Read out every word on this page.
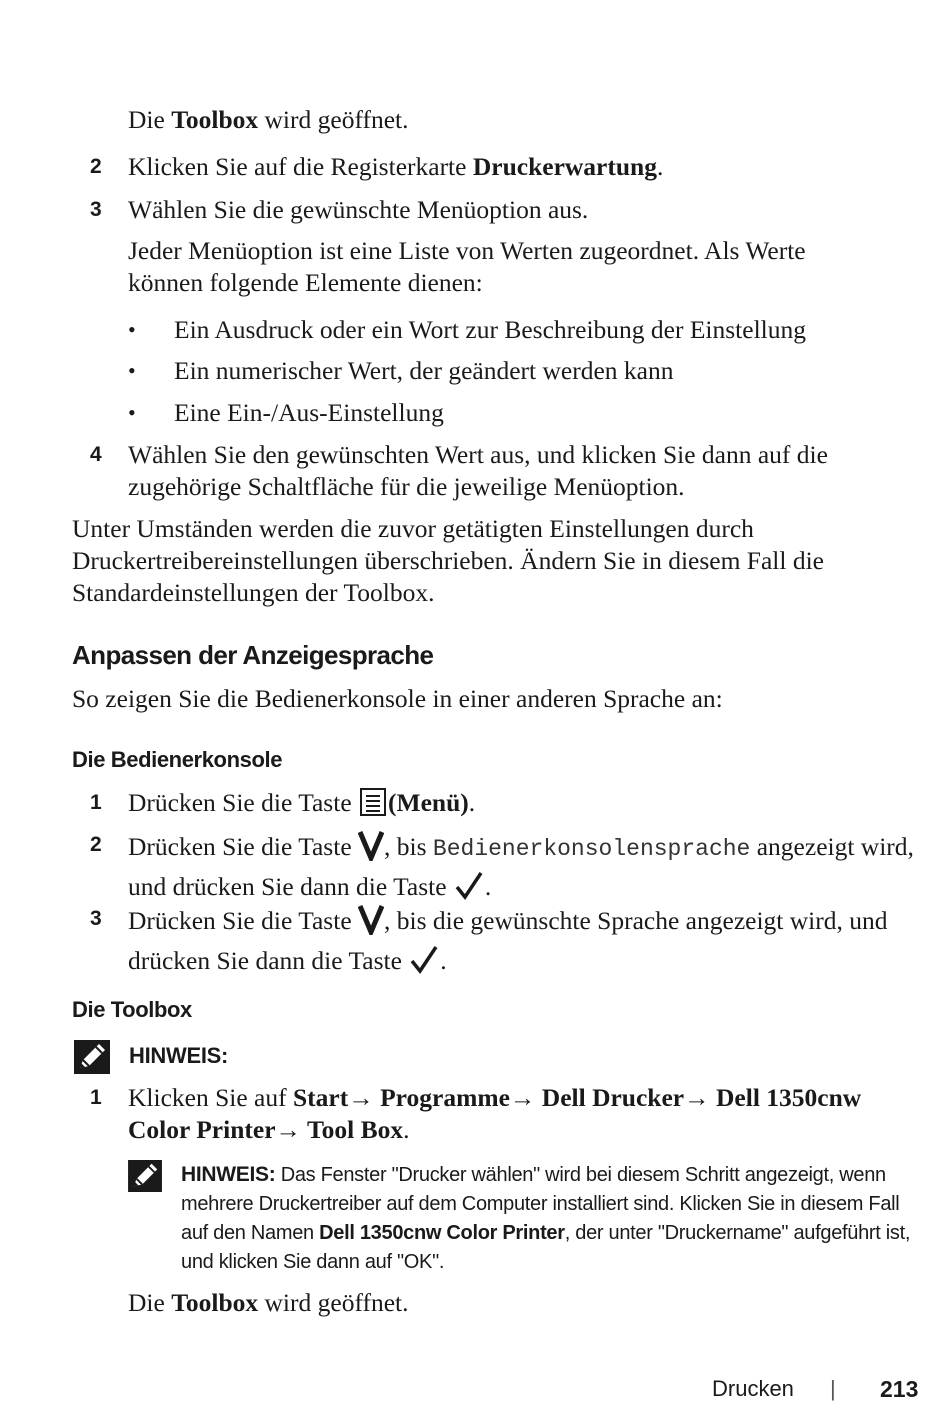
Die Toolbox wird geöffnet.
2 Klicken Sie auf die Registerkarte Druckerwartung.
3 Wählen Sie die gewünschte Menüoption aus.
Jeder Menüoption ist eine Liste von Werten zugeordnet. Als Werte können folgende Elemente dienen:
• Ein Ausdruck oder ein Wort zur Beschreibung der Einstellung
• Ein numerischer Wert, der geändert werden kann
• Eine Ein-/Aus-Einstellung
4 Wählen Sie den gewünschten Wert aus, und klicken Sie dann auf die zugehörige Schaltfläche für die jeweilige Menüoption.
Unter Umständen werden die zuvor getätigten Einstellungen durch Druckertreibereinstellungen überschrieben. Ändern Sie in diesem Fall die Standardeinstellungen der Toolbox.
Anpassen der Anzeigesprache
So zeigen Sie die Bedienerkonsole in einer anderen Sprache an:
Die Bedienerkonsole
1 Drücken Sie die Taste (Menü).
2 Drücken Sie die Taste , bis Bedienerkonsolensprache angezeigt wird, und drücken Sie dann die Taste .
3 Drücken Sie die Taste , bis die gewünschte Sprache angezeigt wird, und drücken Sie dann die Taste .
Die Toolbox
HINWEIS:
1 Klicken Sie auf Start→ Programme→ Dell Drucker→ Dell 1350cnw Color Printer→ Tool Box.
HINWEIS: Das Fenster "Drucker wählen" wird bei diesem Schritt angezeigt, wenn mehrere Druckertreiber auf dem Computer installiert sind. Klicken Sie in diesem Fall auf den Namen Dell 1350cnw Color Printer, der unter "Druckername" aufgeführt ist, und klicken Sie dann auf "OK".
Die Toolbox wird geöffnet.
Drucken | 213
